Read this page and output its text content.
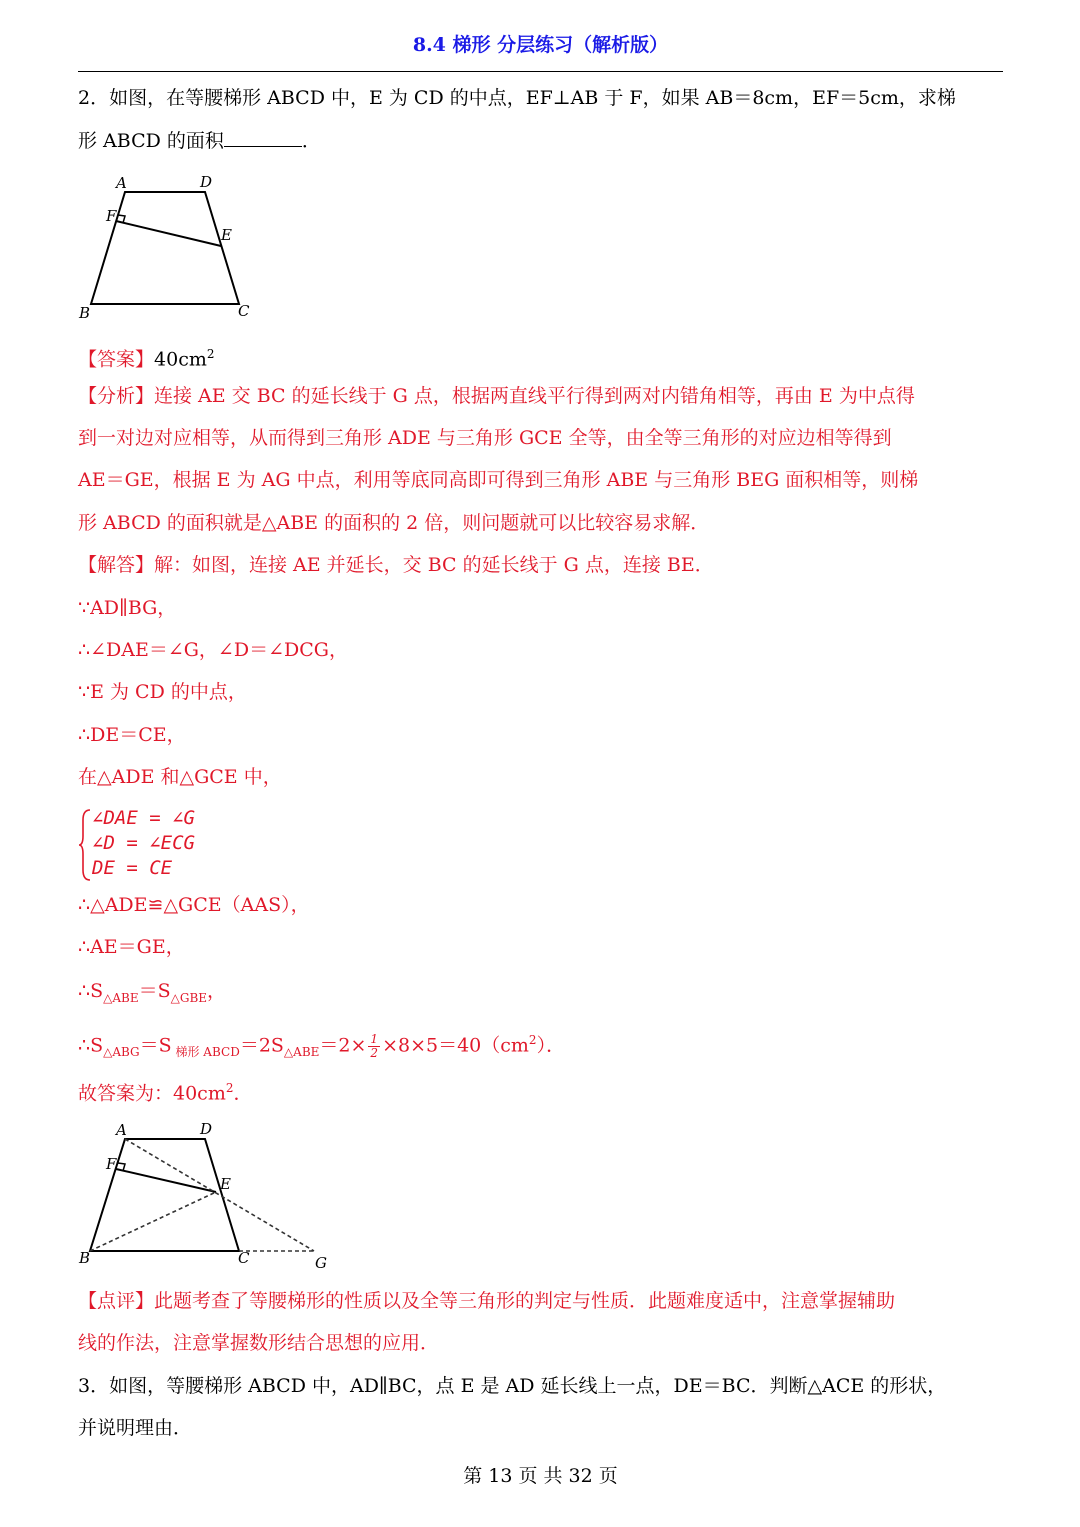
8.4 梯形 分层练习（解析版）
2．如图，在等腰梯形 ABCD 中，E 为 CD 的中点，EF⊥AB 于 F，如果 AB＝8cm，EF＝5cm，求梯
形 ABCD 的面积	．
A	D
F
E
B	C
【答案】$40cm^2$
【分析】连接 AE 交 BC 的延长线于 G 点，根据两直线平行得到两对内错角相等，再由 E 为中点得
到一对边对应相等，从而得到三角形 ADE 与三角形 GCE 全等，由全等三角形的对应边相等得到
AE＝GE，根据 E 为 AG 中点，利用等底同高即可得到三角形 ABE 与三角形 BEG 面积相等，则梯
形 ABCD 的面积就是△ABE 的面积的 2 倍，则问题就可以比较容易求解．
【解答】解：如图，连接 AE 并延长，交 BC 的延长线于 G 点，连接 BE．
∵AD∥BG，
∴∠DAE＝∠G，∠D＝∠DCG，
∵E 为 CD 的中点，
∴DE＝CE，
在△ADE 和△GCE 中，
∠DAE = ∠G
∠D = ∠ECG
DE = CE
∴△ADE≌△GCE（AAS），
∴AE＝GE，
$\therefore S_{\triangle ABE}=S_{\triangle GBE}$，
$\therefore S_{\triangle ABG}=S$ $_{梯形 ABCD}=2S_{\triangle ABE}=2\times \frac{1}{2} \times 8\times 5=40(cm^2)$．
故答案为：$40cm^2$．
A	D
F
E
B	C	G
【点评】此题考查了等腰梯形的性质以及全等三角形的判定与性质．此题难度适中，注意掌握辅助
线的作法，注意掌握数形结合思想的应用．
3．如图，等腰梯形 ABCD 中，AD∥BC，点 E 是 AD 延长线上一点，DE＝BC．判断△ACE 的形状，
并说明理由．
第 13 页 共 32 页
